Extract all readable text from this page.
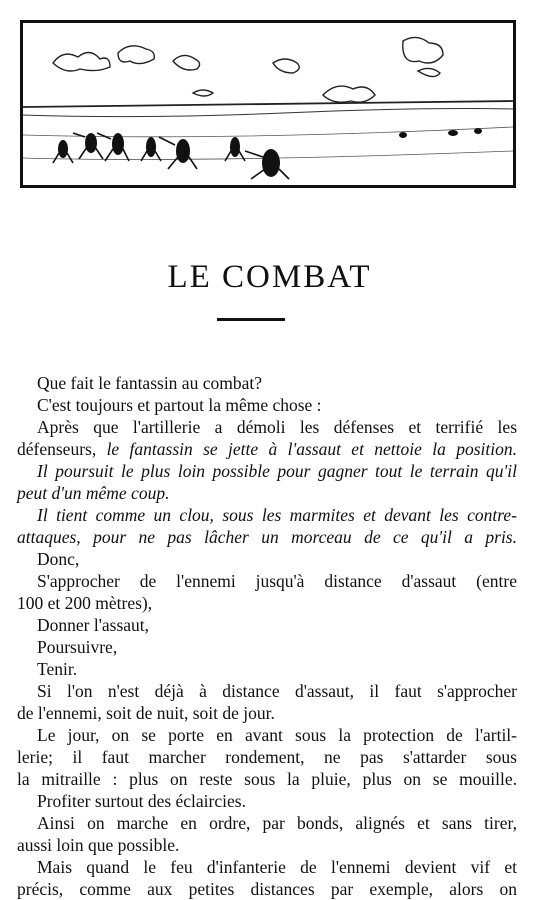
LE COMBAT
Que fait le fantassin au combat?
C'est toujours et partout la même chose :
Après que l'artillerie a démoli les défenses et terrifié les
défenseurs, le fantassin se jette à l'assaut et nettoie la position.
Il poursuit le plus loin possible pour gagner tout le terrain qu'il
peut d'un même coup.
Il tient comme un clou, sous les marmites et devant les contre-
attaques, pour ne pas lâcher un morceau de ce qu'il a pris.
Donc,
S'approcher de l'ennemi jusqu'à distance d'assaut (entre
100 et 200 mètres),
Donner l'assaut,
Poursuivre,
Tenir.
Si l'on n'est déjà à distance d'assaut, il faut s'approcher
de l'ennemi, soit de nuit, soit de jour.
Le jour, on se porte en avant sous la protection de l'artil-
lerie; il faut marcher rondement, ne pas s'attarder sous
la mitraille : plus on reste sous la pluie, plus on se mouille.
Profiter surtout des éclaircies.
Ainsi on marche en ordre, par bonds, alignés et sans tirer,
aussi loin que possible.
Mais quand le feu d'infanterie de l'ennemi devient vif et
précis, comme aux petites distances par exemple, alors on
